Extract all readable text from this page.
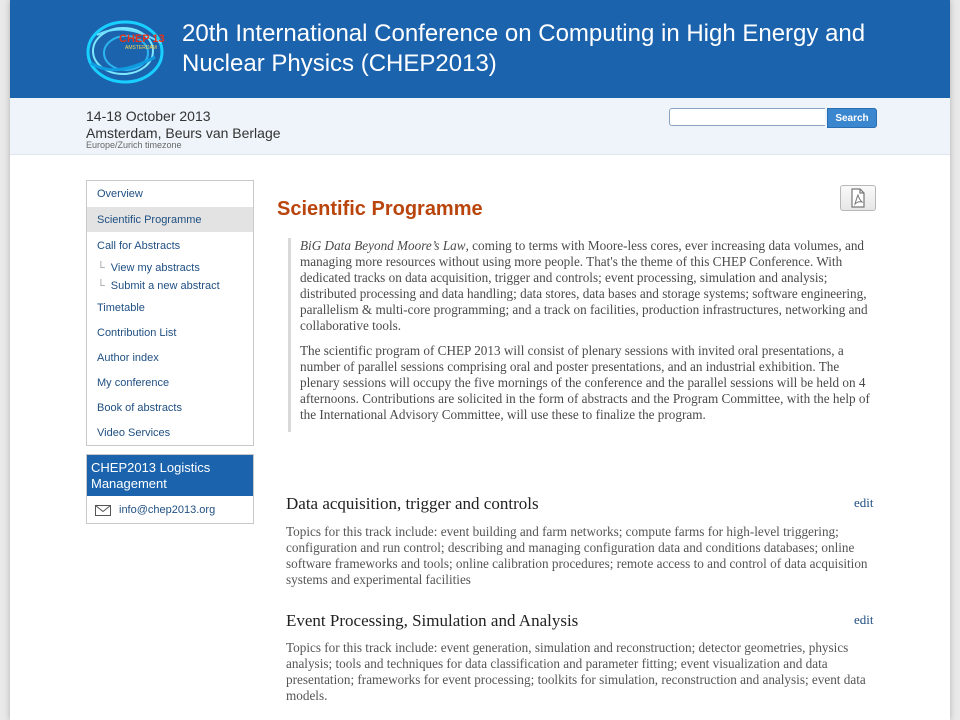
CHEP 13
AMSTERDAM
20th International Conference on Computing in High Energy and
Nuclear Physics (CHEP2013)
14-18 October 2013
Amsterdam, Beurs van Berlage
Europe/Zurich timezone
Search
Overview
Scientific Programme
Call for Abstracts
└ View my abstracts
└ Submit a new abstract
Timetable
Contribution List
Author index
My conference
Book of abstracts
Video Services
CHEP2013 Logistics
Management
info@chep2013.org
Scientific Programme

BiG Data Beyond Moore’s Law, coming to terms with Moore-less cores, ever increasing data volumes, and managing more resources without using more people. That's the theme of this CHEP Conference. With dedicated tracks on data acquisition, trigger and controls; event processing, simulation and analysis; distributed processing and data handling; data stores, data bases and storage systems; software engineering, parallelism & multi-core programming; and a track on facilities, production infrastructures, networking and collaborative tools.

The scientific program of CHEP 2013 will consist of plenary sessions with invited oral presentations, a number of parallel sessions comprising oral and poster presentations, and an industrial exhibition. The plenary sessions will occupy the five mornings of the conference and the parallel sessions will be held on 4 afternoons. Contributions are solicited in the form of abstracts and the Program Committee, with the help of the International Advisory Committee, will use these to finalize the program.

Data acquisition, trigger and controls	edit
Topics for this track include: event building and farm networks; compute farms for high-level triggering; configuration and run control; describing and managing configuration data and conditions databases; online software frameworks and tools; online calibration procedures; remote access to and control of data acquisition systems and experimental facilities
Event Processing, Simulation and Analysis	edit
Topics for this track include: event generation, simulation and reconstruction; detector geometries, physics analysis; tools and techniques for data classification and parameter fitting; event visualization and data presentation; frameworks for event processing; toolkits for simulation, reconstruction and analysis; event data models.
